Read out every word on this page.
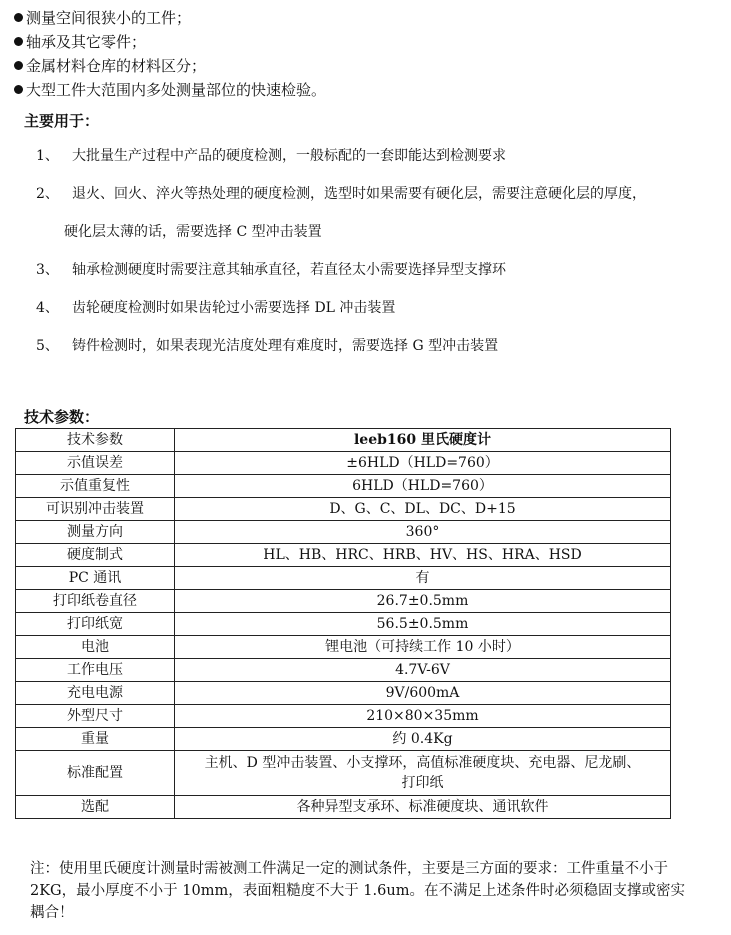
测量空间很狭小的工件；
轴承及其它零件；
金属材料仓库的材料区分；
大型工件大范围内多处测量部位的快速检验。
主要用于：
1、 大批量生产过程中产品的硬度检测，一般标配的一套即能达到检测要求
2、 退火、回火、淬火等热处理的硬度检测，选型时如果需要有硬化层，需要注意硬化层的厚度，
硬化层太薄的话，需要选择 C 型冲击装置
3、 轴承检测硬度时需要注意其轴承直径，若直径太小需要选择异型支撑环
4、 齿轮硬度检测时如果齿轮过小需要选择 DL 冲击装置
5、 铸件检测时，如果表现光洁度处理有难度时，需要选择 G 型冲击装置
技术参数：
技术参数	leeb160 里氏硬度计
示值误差	±6HLD（HLD=760）
示值重复性	6HLD（HLD=760）
可识别冲击装置	D、G、C、DL、DC、D+15
测量方向	360°
硬度制式	HL、HB、HRC、HRB、HV、HS、HRA、HSD
PC 通讯	有
打印纸卷直径	26.7±0.5mm
打印纸宽	56.5±0.5mm
电池	锂电池（可持续工作 10 小时）
工作电压	4.7V-6V
充电电源	9V/600mA
外型尺寸	210×80×35mm
重量	约 0.4Kg
标准配置	主机、D 型冲击装置、小支撑环，高值标准硬度块、充电器、尼龙刷、
打印纸

选配	各种异型支承环、标准硬度块、通讯软件

注：使用里氏硬度计测量时需被测工件满足一定的测试条件，主要是三方面的要求：工件重量不小于

2KG，最小厚度不小于 10mm，表面粗糙度不大于 1.6um。在不满足上述条件时必须稳固支撑或密实

耦合！
